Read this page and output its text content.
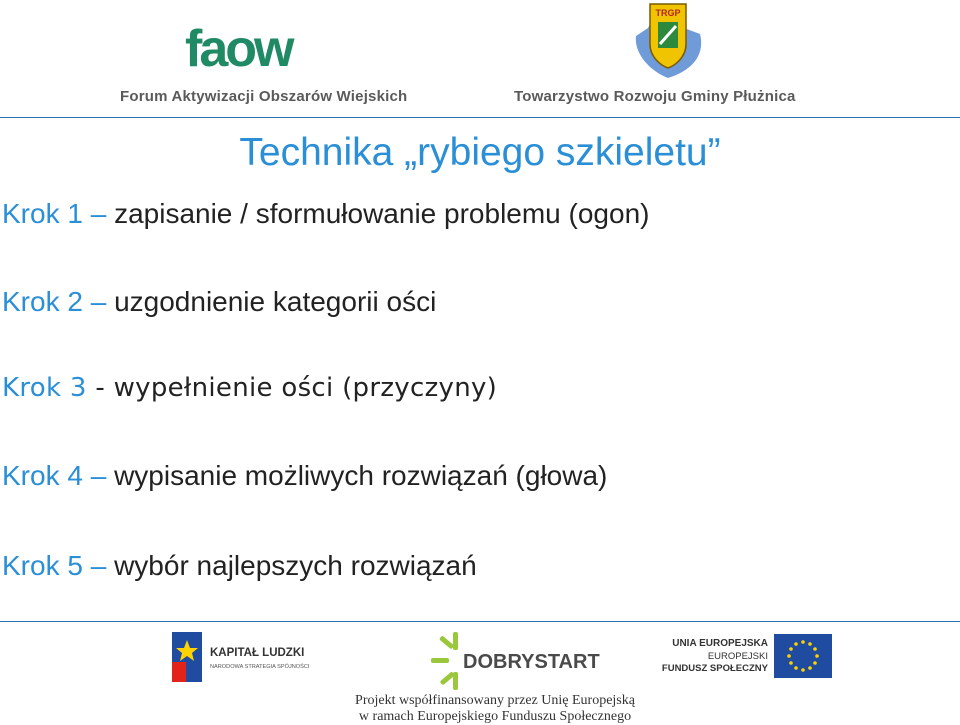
faow
Forum Aktywizacji Obszarów Wiejskich
TRGP
Towarzystwo Rozwoju Gminy Płużnica
Technika „rybiego szkieletu”
Krok 1 – zapisanie / sformułowanie problemu (ogon)
Krok 2 – uzgodnienie kategorii ości
Krok 3 - wypełnienie ości (przyczyny)
Krok 4 – wypisanie możliwych rozwiązań (głowa)
Krok 5 – wybór najlepszych rozwiązań
KAPITAŁ LUDZKI
NARODOWA STRATEGIA SPÓJNOŚCI	DOBRYSTART
UNIA EUROPEJSKA
EUROPEJSKI
FUNDUSZ SPOŁECZNY
Projekt współfinansowany przez Unię Europejską
w ramach Europejskiego Funduszu Społecznego
